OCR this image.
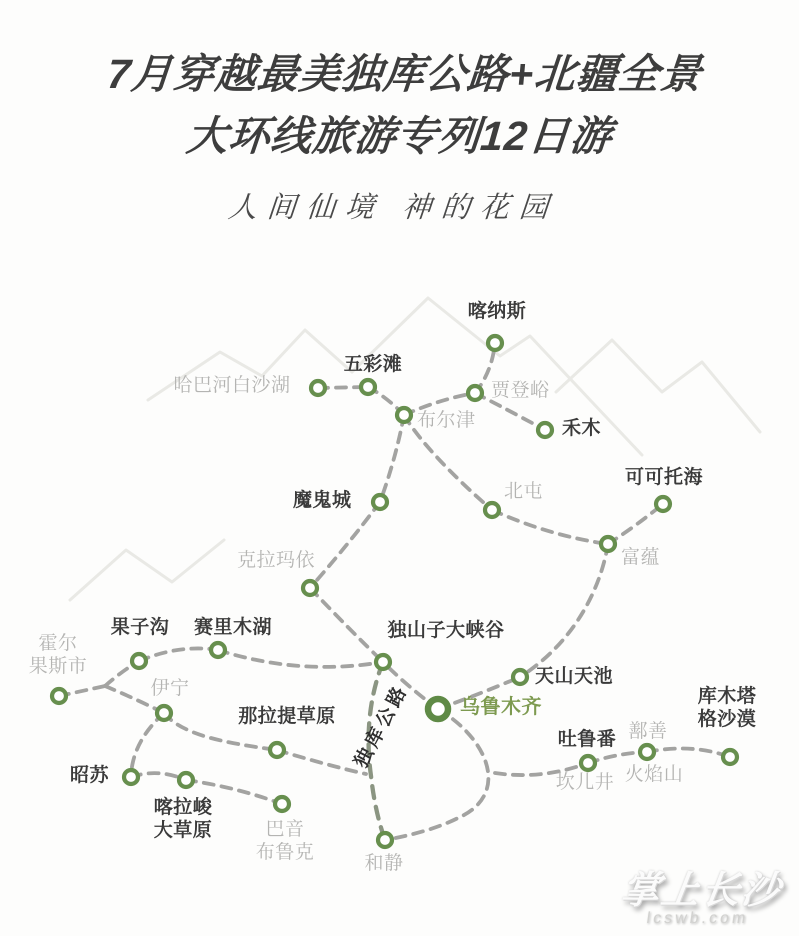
7月穿越最美独库公路+北疆全景
大环线旅游专列12日游
人间仙境 神的花园
喀纳斯
哈巴河白沙湖
五彩滩
贾登峪
布尔津	禾木
北屯
可可托海
魔鬼城
富蕴
克拉玛依
果子沟 赛里木湖	独山子大峡谷
天山天池
霍尔
果斯市
伊宁
乌鲁木齐
那拉提草原
昭苏
喀拉峻
大草原	巴音
布鲁克
和静
吐鲁番 鄯善
坎儿井 火焰山
库木塔
格沙漠
独库公路
掌上长沙
lcswb.com
